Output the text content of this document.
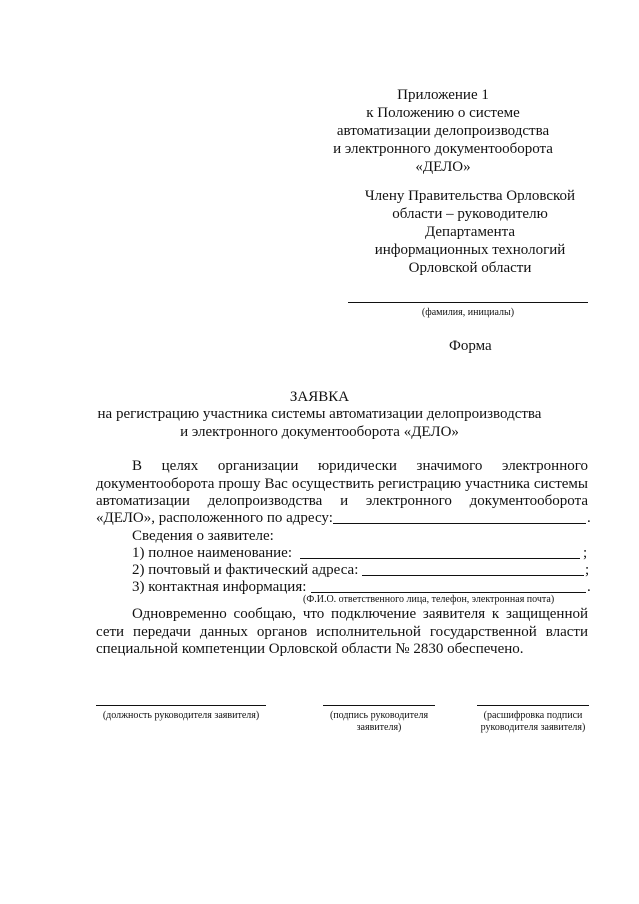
Приложение 1
к Положению о системе
автоматизации делопроизводства
и электронного документооборота
«ДЕЛО»
Члену Правительства Орловской
области – руководителю
Департамента
информационных технологий
Орловской области
(фамилия, инициалы)
Форма
ЗАЯВКА
на регистрацию участника системы автоматизации делопроизводства
и электронного документооборота «ДЕЛО»
В целях организации юридически значимого электронного
документооборота прошу Вас осуществить регистрацию участника системы
автоматизации делопроизводства и электронного документооборота
«ДЕЛО», расположенного по адресу:	.
Сведения о заявителе:
1) полное наименование:	;
2) почтовый и фактический адреса:	;
3) контактная информация:	.
(Ф.И.О. ответственного лица, телефон, электронная почта)
Одновременно сообщаю, что подключение заявителя к защищенной
сети передачи данных органов исполнительной государственной власти
специальной компетенции Орловской области № 2830 обеспечено.
(должность руководителя заявителя)	(подпись руководителя
заявителя)
(расшифровка подписи
руководителя заявителя)
